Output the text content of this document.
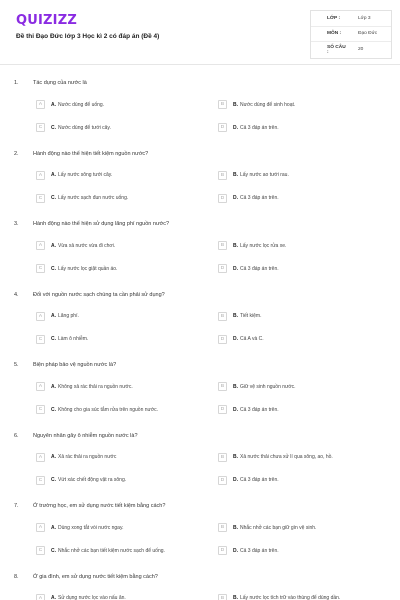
QUIZIZZ
Đề thi Đạo Đức lớp 3 Học kì 2 có đáp án (Đề 4)
LỚP :	Lớp 3
MÔN :	Đạo Đức
SỐ CÂU :	20
1.	Tác dụng của nước là
A	A. Nước dùng để uống.	B	B. Nước dùng để sinh hoạt.
C	C. Nước dùng để tưới cây.	D	D. Cả 3 đáp án trên.
2.	Hành động nào thể hiện tiết kiệm nguồn nước?
A	A. Lấy nước sông tưới cây.	B	B. Lấy nước ao tưới rau.
C	C. Lấy nước sạch đun nước uống.	D	D. Cả 3 đáp án trên.
3.	Hành động nào thể hiện sử dụng lãng phí nguồn nước?
A	A. Vừa xả nước vừa đi chơi.	B	B. Lấy nước lọc rửa xe.
C	C. Lấy nước lọc giặt quần áo.	D	D. Cả 3 đáp án trên.
4.	Đối với nguồn nước sạch chúng ta cần phải sử dụng?
A	A. Lãng phí.	B	B. Tiết kiệm.
C	C. Làm ô nhiễm.	D	D. Cả A và C.
5.	Biện pháp bảo vệ nguồn nước là?
A	A. Không xả rác thải ra nguồn nước.	B	B. Giữ vệ sinh nguồn nước.
C	C. Không cho gia súc tắm rửa trên nguồn nước.	D	D. Cả 3 đáp án trên.
6.	Nguyên nhân gây ô nhiễm nguồn nước là?
A	A. Xả rác thải ra nguồn nước	B	B. Xả nước thải chưa xử lí qua sông, ao, hồ.
C	C. Vứt xác chết động vật ra sông.	D	D. Cả 3 đáp án trên.
7.	Ở trường học, em sử dụng nước tiết kiệm bằng cách?
A	A. Dùng xong tắt vòi nước ngay.	B	B. Nhắc nhở các bạn giữ gìn vệ sinh.
C	C. Nhắc nhở các bạn tiết kiệm nước sạch để uống.	D	D. Cả 3 đáp án trên.
8.	Ở gia đình, em sử dụng nước tiết kiệm bằng cách?
A	A. Sử dụng nước lọc vào nấu ăn.	B	B. Lấy nước lọc tích trữ vào thùng để dùng dần.
